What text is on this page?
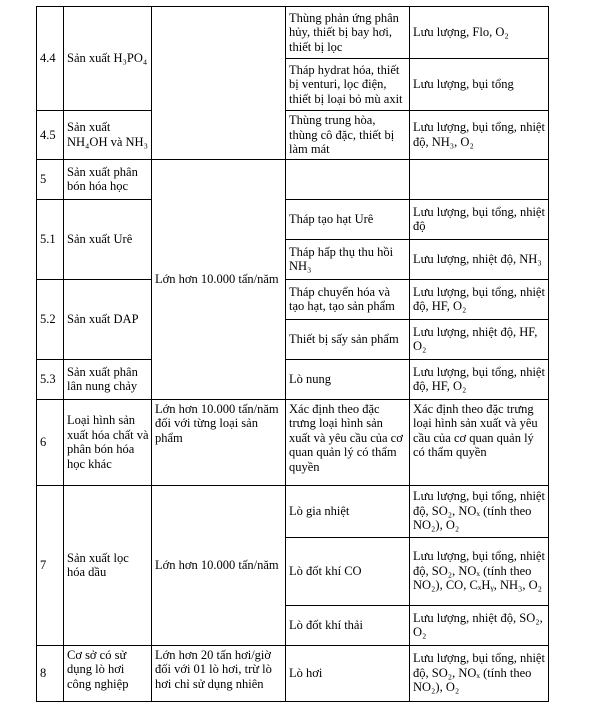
4.4	Sản xuất H₃PO₄		Thùng phản ứng phân hủy, thiết bị bay hơi, thiết bị lọc	Lưu lượng, Flo, O₂
			Tháp hydrat hóa, thiết bị venturi, lọc điện, thiết bị loại bỏ mù axit	Lưu lượng, bụi tổng
4.5	Sản xuất NH₄OH và NH₃		Thùng trung hòa, thùng cô đặc, thiết bị làm mát	Lưu lượng, bụi tổng, nhiệt độ, NH₃, O₂
5	Sản xuất phân bón hóa học	Lớn hơn 10.000 tấn/năm		
5.1	Sản xuất Urê		Tháp tạo hạt Urê	Lưu lượng, bụi tổng, nhiệt độ
			Tháp hấp thụ thu hồi NH₃	Lưu lượng, nhiệt độ, NH₃
5.2	Sản xuất DAP		Tháp chuyển hóa và tạo hạt, tạo sản phẩm	Lưu lượng, bụi tổng, nhiệt độ, HF, O₂
			Thiết bị sấy sản phẩm	Lưu lượng, nhiệt độ, HF, O₂
5.3	Sản xuất phân lân nung chảy		Lò nung	Lưu lượng, bụi tổng, nhiệt độ, HF, O₂
6	Loại hình sản xuất hóa chất và phân bón hóa học khác	Lớn hơn 10.000 tấn/năm đối với từng loại sản phẩm	Xác định theo đặc trưng loại hình sản xuất và yêu cầu của cơ quan quản lý có thẩm quyền	Xác định theo đặc trưng loại hình sản xuất và yêu cầu của cơ quan quản lý có thẩm quyền
7	Sản xuất lọc hóa dầu	Lớn hơn 10.000 tấn/năm	Lò gia nhiệt	Lưu lượng, bụi tổng, nhiệt độ, SO₂, NOₓ (tính theo NO₂), O₂
			Lò đốt khí CO	Lưu lượng, bụi tổng, nhiệt độ, SO₂, NOₓ (tính theo NO₂), CO, CₓHᵧ, NH₃, O₂
			Lò đốt khí thải	Lưu lượng, nhiệt độ, SO₂, O₂
8	Cơ sở có sử dụng lò hơi công nghiệp	Lớn hơn 20 tấn hơi/giờ đối với 01 lò hơi, trừ lò hơi chỉ sử dụng nhiên	Lò hơi	Lưu lượng, bụi tổng, nhiệt độ, SO₂, NOₓ (tính theo NO₂), O₂
